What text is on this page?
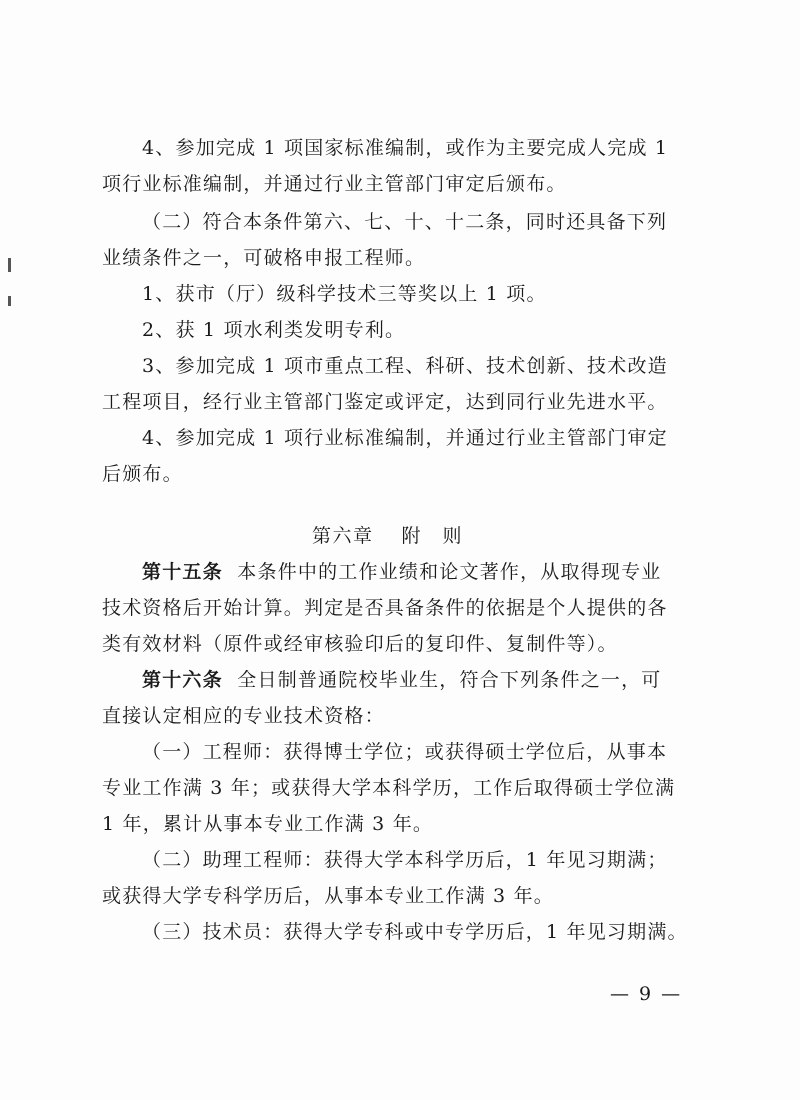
4、参加完成 1 项国家标准编制，或作为主要完成人完成 1
项行业标准编制，并通过行业主管部门审定后颁布。
（二）符合本条件第六、七、十、十二条，同时还具备下列
业绩条件之一，可破格申报工程师。
1、获市（厅）级科学技术三等奖以上 1 项。
2、获 1 项水利类发明专利。
3、参加完成 1 项市重点工程、科研、技术创新、技术改造
工程项目，经行业主管部门鉴定或评定，达到同行业先进水平。
4、参加完成 1 项行业标准编制，并通过行业主管部门审定
后颁布。
第六章 附　则
第十五条 本条件中的工作业绩和论文著作，从取得现专业
技术资格后开始计算。判定是否具备条件的依据是个人提供的各
类有效材料（原件或经审核验印后的复印件、复制件等）。
第十六条 全日制普通院校毕业生，符合下列条件之一，可
直接认定相应的专业技术资格：
（一）工程师：获得博士学位；或获得硕士学位后，从事本
专业工作满 3 年；或获得大学本科学历，工作后取得硕士学位满
1 年，累计从事本专业工作满 3 年。
（二）助理工程师：获得大学本科学历后，1 年见习期满；
或获得大学专科学历后，从事本专业工作满 3 年。
（三）技术员：获得大学专科或中专学历后，1 年见习期满。
— 9 —
